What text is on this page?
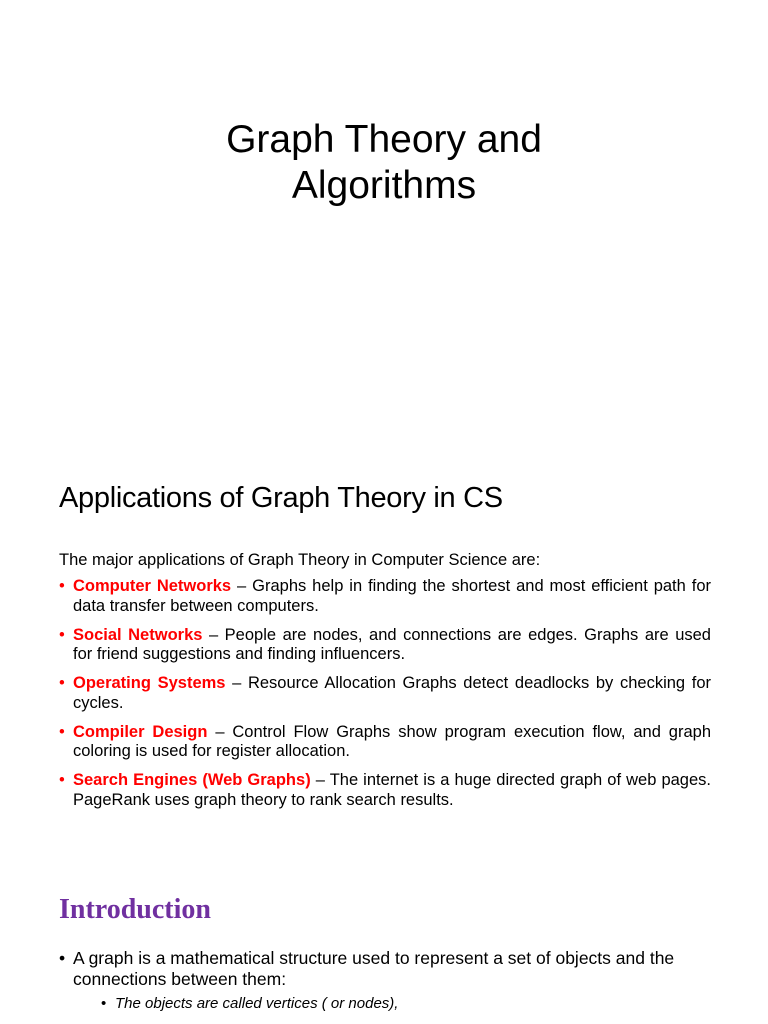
Graph Theory and
Algorithms
Applications of Graph Theory in CS

The major applications of Graph Theory in Computer Science are:

• Computer Networks – Graphs help in finding the shortest and most efficient path for data transfer between computers.
• Social Networks – People are nodes, and connections are edges. Graphs are used for friend suggestions and finding influencers.
• Operating Systems – Resource Allocation Graphs detect deadlocks by checking for cycles.
• Compiler Design – Control Flow Graphs show program execution flow, and graph coloring is used for register allocation.
• Search Engines (Web Graphs) – The internet is a huge directed graph of web pages. PageRank uses graph theory to rank search results.
Introduction
• A graph is a mathematical structure used to represent a set of objects and the connections between them:
• The objects are called vertices ( or nodes),
